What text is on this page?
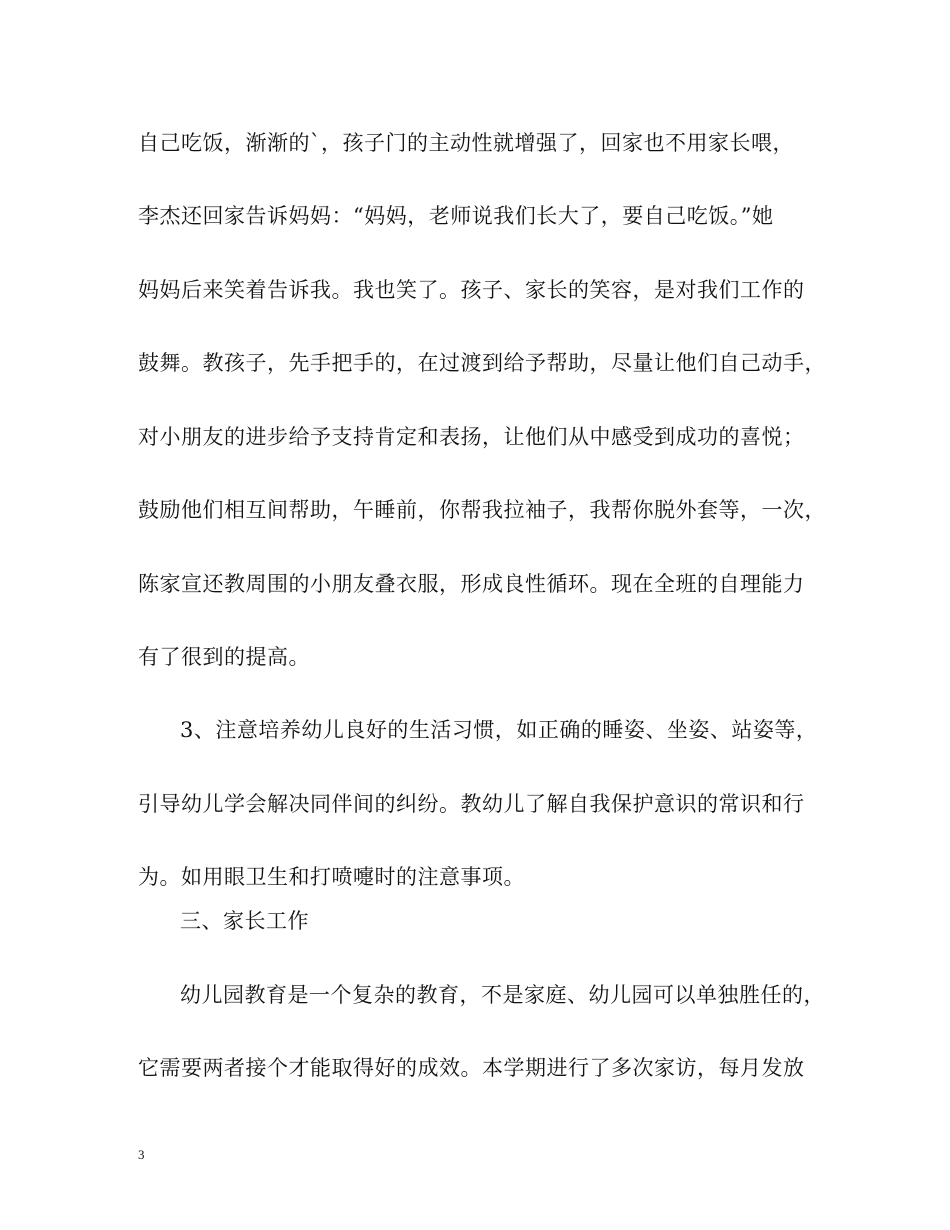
自己吃饭，渐渐的`，孩子门的主动性就增强了，回家也不用家长喂，
李杰还回家告诉妈妈：“妈妈，老师说我们长大了，要自己吃饭。”她
妈妈后来笑着告诉我。我也笑了。孩子、家长的笑容，是对我们工作的
鼓舞。教孩子，先手把手的，在过渡到给予帮助，尽量让他们自己动手，
对小朋友的进步给予支持肯定和表扬，让他们从中感受到成功的喜悦；
鼓励他们相互间帮助，午睡前，你帮我拉袖子，我帮你脱外套等，一次，
陈家宣还教周围的小朋友叠衣服，形成良性循环。现在全班的自理能力
有了很到的提高。
3、注意培养幼儿良好的生活习惯，如正确的睡姿、坐姿、站姿等，
引导幼儿学会解决同伴间的纠纷。教幼儿了解自我保护意识的常识和行
为。如用眼卫生和打喷嚏时的注意事项。
三、家长工作
幼儿园教育是一个复杂的教育，不是家庭、幼儿园可以单独胜任的，
它需要两者接个才能取得好的成效。本学期进行了多次家访，每月发放
3
